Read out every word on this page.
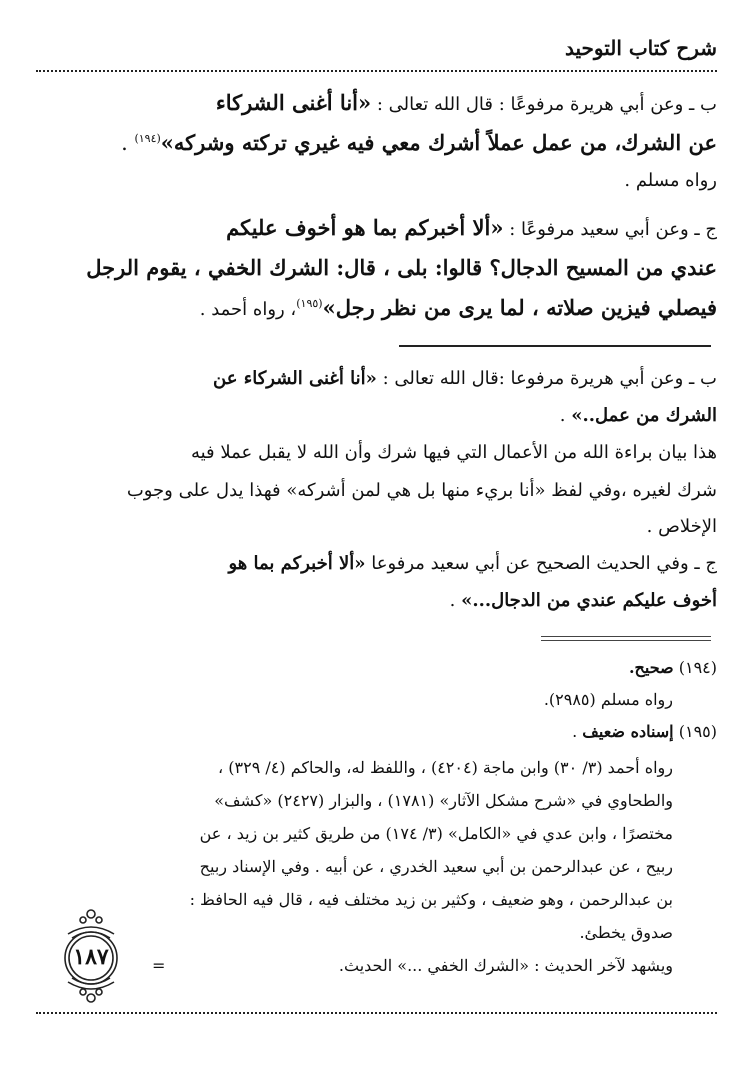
شرح كتاب التوحيد
ب ـ وعن أبي هريرة مرفوعًا : قال الله تعالى : «أنا أغنى الشركاء
عن الشرك، من عمل عملاً أشرك معي فيه غيري تركته وشركه»$^{(١٩٤)}$ .
رواه مسلم .
ج ـ وعن أبي سعيد مرفوعًا : «ألا أخبركم بما هو أخوف عليكم
عندي من المسيح الدجال؟ قالوا: بلى ، قال: الشرك الخفي ، يقوم الرجل
فيصلي فيزين صلاته ، لما يرى من نظر رجل»$^{(١٩٥)}$، رواه أحمد .
ب ـ وعن أبي هريرة مرفوعا :قال الله تعالى : «أنا أغنى الشركاء عن
الشرك من عمل..» .
هذا بيان براءة الله من الأعمال التي فيها شرك وأن الله لا يقبل عملا فيه
شرك لغيره ،وفي لفظ «أنا بريء منها بل هي لمن أشركه» فهذا يدل على وجوب
الإخلاص .
ج ـ وفي الحديث الصحيح عن أبي سعيد مرفوعا «ألا أخبركم بما هو
أخوف عليكم عندي من الدجال...» .
(١٩٤) صحيح.
رواه مسلم (٢٩٨٥).
(١٩٥) إسناده ضعيف .
رواه أحمد (٣/ ٣٠) وابن ماجة (٤٢٠٤) ، واللفظ له، والحاكم (٤/ ٣٢٩) ،
والطحاوي في «شرح مشكل الآثار» (١٧٨١) ، والبزار (٢٤٢٧) «كشف»
مختصرًا ، وابن عدي في «الكامل» (٣/ ١٧٤) من طريق كثير بن زيد ، عن
ربيح ، عن عبدالرحمن بن أبي سعيد الخدري ، عن أبيه . وفي الإسناد ربيح
بن عبدالرحمن ، وهو ضعيف ، وكثير بن زيد مختلف فيه ، قال فيه الحافظ :
صدوق يخطئ.
ويشهد لآخر الحديث : «الشرك الخفي ...» الحديث.
=
١٨٧
